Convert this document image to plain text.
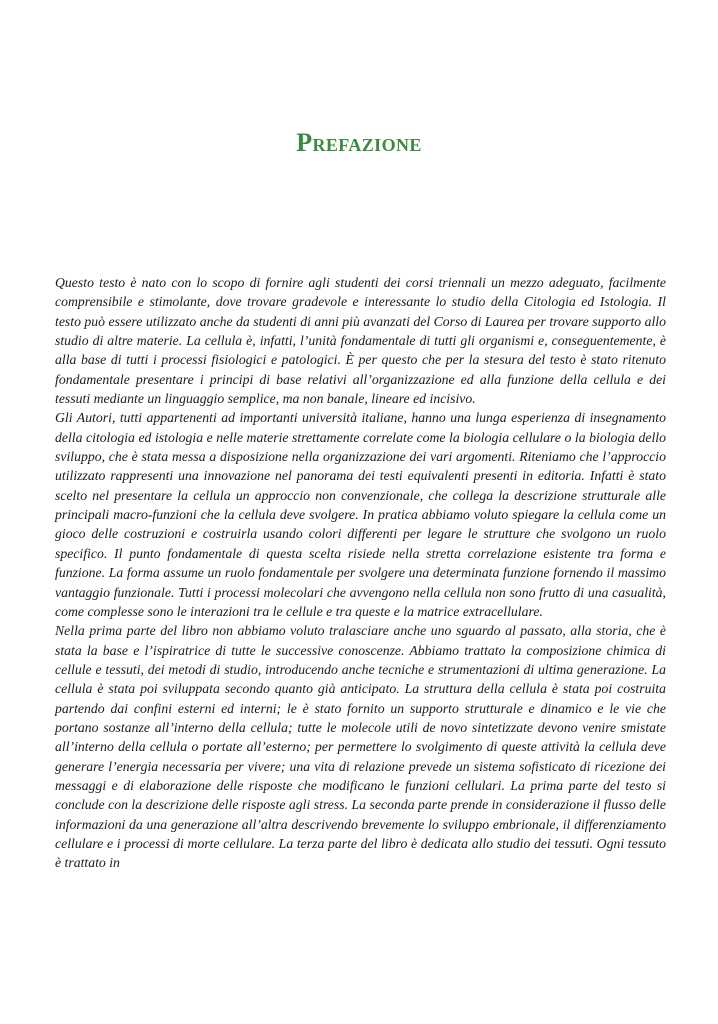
Prefazione

Questo testo è nato con lo scopo di fornire agli studenti dei corsi triennali un mezzo adeguato, facilmente comprensibile e stimolante, dove trovare gradevole e interessante lo studio della Citologia ed Istologia. Il testo può essere utilizzato anche da studenti di anni più avanzati del Corso di Laurea per trovare supporto allo studio di altre materie. La cellula è, infatti, l’unità fondamentale di tutti gli organismi e, conseguentemente, è alla base di tutti i processi fisiologici e patologici. È per questo che per la stesura del testo è stato ritenuto fondamentale presentare i principi di base relativi all’organizzazione ed alla funzione della cellula e dei tessuti mediante un linguaggio semplice, ma non banale, lineare ed incisivo.

Gli Autori, tutti appartenenti ad importanti università italiane, hanno una lunga esperienza di insegnamento della citologia ed istologia e nelle materie strettamente correlate come la biologia cellulare o la biologia dello sviluppo, che è stata messa a disposizione nella organizzazione dei vari argomenti. Riteniamo che l’approccio utilizzato rappresenti una innovazione nel panorama dei testi equivalenti presenti in editoria. Infatti è stato scelto nel presentare la cellula un approccio non convenzionale, che collega la descrizione strutturale alle principali macro-funzioni che la cellula deve svolgere. In pratica abbiamo voluto spiegare la cellula come un gioco delle costruzioni e costruirla usando colori differenti per legare le strutture che svolgono un ruolo specifico. Il punto fondamentale di questa scelta risiede nella stretta correlazione esistente tra forma e funzione. La forma assume un ruolo fondamentale per svolgere una determinata funzione fornendo il massimo vantaggio funzionale. Tutti i processi molecolari che avvengono nella cellula non sono frutto di una casualità, come complesse sono le interazioni tra le cellule e tra queste e la matrice extracellulare.

Nella prima parte del libro non abbiamo voluto tralasciare anche uno sguardo al passato, alla storia, che è stata la base e l’ispiratrice di tutte le successive conoscenze. Abbiamo trattato la composizione chimica di cellule e tessuti, dei metodi di studio, introducendo anche tecniche e strumentazioni di ultima generazione. La cellula è stata poi sviluppata secondo quanto già anticipato. La struttura della cellula è stata poi costruita partendo dai confini esterni ed interni; le è stato fornito un supporto strutturale e dinamico e le vie che portano sostanze all’interno della cellula; tutte le molecole utili de novo sintetizzate devono venire smistate all’interno della cellula o portate all’esterno; per permettere lo svolgimento di queste attività la cellula deve generare l’energia necessaria per vivere; una vita di relazione prevede un sistema sofisticato di ricezione dei messaggi e di elaborazione delle risposte che modificano le funzioni cellulari. La prima parte del testo si conclude con la descrizione delle risposte agli stress. La seconda parte prende in considerazione il flusso delle informazioni da una generazione all’altra descrivendo brevemente lo sviluppo embrionale, il differenziamento cellulare e i processi di morte cellulare. La terza parte del libro è dedicata allo studio dei tessuti. Ogni tessuto è trattato in
